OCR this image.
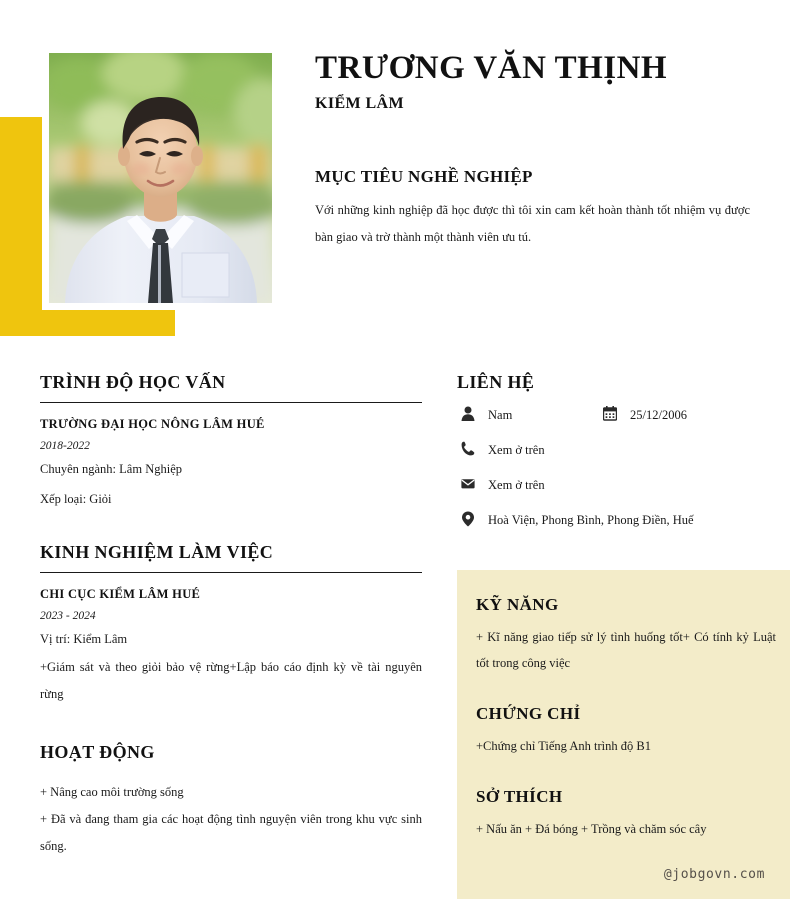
TRƯƠNG VĂN THỊNH
KIỂM LÂM
MỤC TIÊU NGHỀ NGHIỆP

Với những kinh nghiệp đã học được thì tôi xin cam kết hoàn thành tốt nhiệm vụ được bàn giao và trờ thành một thành viên ưu tú.

TRÌNH ĐỘ HỌC VẤN
TRƯỜNG ĐẠI HỌC NÔNG LÂM HUÉ
2018-2022
Chuyên ngành: Lâm Nghiệp
Xếp loại: Giỏi
KINH NGHIỆM LÀM VIỆC
CHI CỤC KIỂM LÂM HUÉ
2023 - 2024
Vị trí: Kiểm Lâm

+Giám sát và theo giỏi bảo vệ rừng+Lập báo cáo định kỳ về tài nguyên rừng

HOẠT ĐỘNG

+ Nâng cao môi trường sống

+ Đã và đang tham gia các hoạt động tình nguyện viên trong khu vực sinh sống.

LIÊN HỆ
Nam	25/12/2006
Xem ở trên
Xem ở trên
Hoà Viện, Phong Bình, Phong Điền, Huế
KỸ NĂNG

+ Kĩ năng giao tiếp sử lý tình huống tốt+ Có tính kỷ Luật tốt trong công việc

CHỨNG CHỈ

+Chứng chỉ Tiếng Anh trình độ B1

SỞ THÍCH

+ Nấu ăn + Đá bóng + Trồng và chăm sóc cây

@jobgovn.com
